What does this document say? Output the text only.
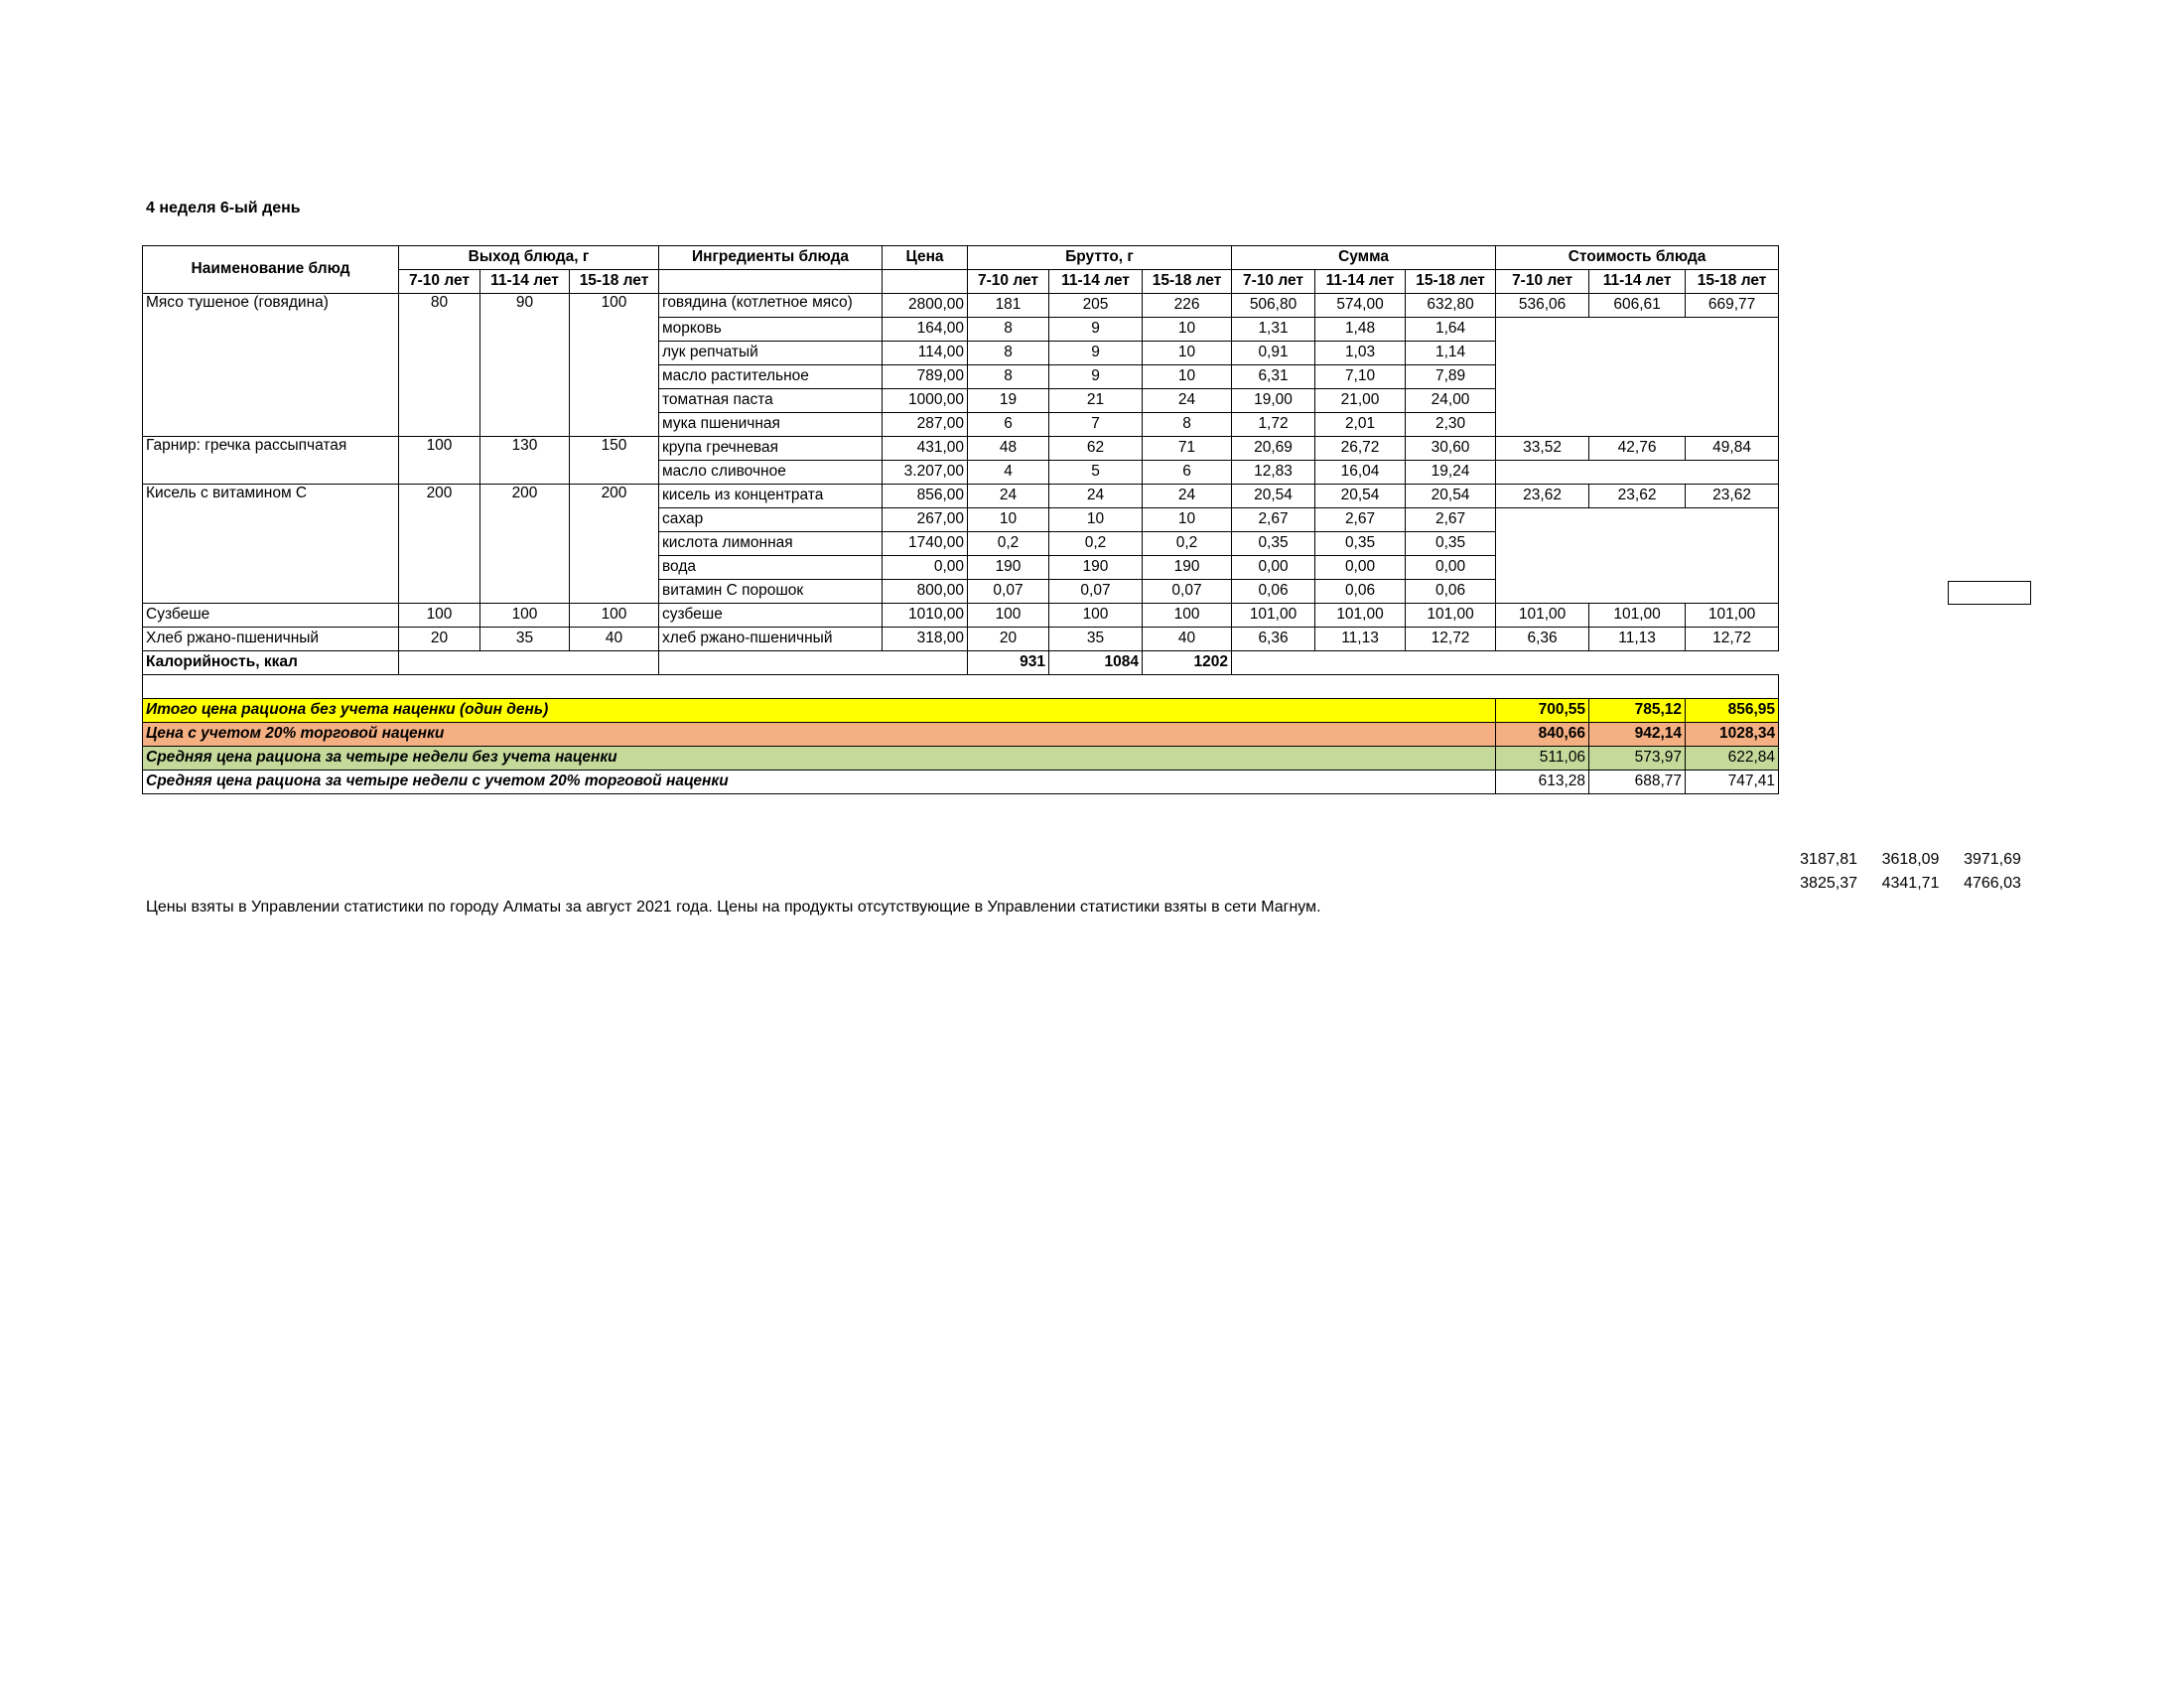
4 неделя 6-ый день
Наименование блюд	Выход блюда, г			Ингредиенты блюда	Цена	Брутто, г			Сумма			Стоимость блюда		
	7-10 лет	11-14 лет	15-18 лет			7-10 лет	11-14 лет	15-18 лет	7-10 лет	11-14 лет	15-18 лет	7-10 лет	11-14 лет	15-18 лет
Мясо тушеное (говядина)	80	90	100	говядина (котлетное мясо)	2800,00	181	205	226	506,80	574,00	632,80	536,06	606,61	669,77
				морковь	164,00	8	9	10	1,31	1,48	1,64			
				лук репчатый	114,00	8	9	10	0,91	1,03	1,14			
				масло растительное	789,00	8	9	10	6,31	7,10	7,89			
				томатная паста	1000,00	19	21	24	19,00	21,00	24,00			
				мука пшеничная	287,00	6	7	8	1,72	2,01	2,30			
Гарнир: гречка рассыпчатая	100	130	150	крупа гречневая	431,00	48	62	71	20,69	26,72	30,60	33,52	42,76	49,84
				масло сливочное	3.207,00	4	5	6	12,83	16,04	19,24			
Кисель с витамином С	200	200	200	кисель из концентрата	856,00	24	24	24	20,54	20,54	20,54	23,62	23,62	23,62
				сахар	267,00	10	10	10	2,67	2,67	2,67			
				кислота лимонная	1740,00	0,2	0,2	0,2	0,35	0,35	0,35			
				вода	0,00	190	190	190	0,00	0,00	0,00			
				витамин С порошок	800,00	0,07	0,07	0,07	0,06	0,06	0,06			
Сузбеше	100	100	100	сузбеше	1010,00	100	100	100	101,00	101,00	101,00	101,00	101,00	101,00
Хлеб ржано-пшеничный	20	35	40	хлеб ржано-пшеничный	318,00	20	35	40	6,36	11,13	12,72	6,36	11,13	12,72
Калорийность, ккал						931	1084	1202						

Итого цена рациона без учета наценки (один день)												700,55	785,12	856,95
Цена с учетом 20% торговой наценки												840,66	942,14	1028,34
Средняя цена рациона за четыре недели без учета наценки												511,06	573,97	622,84
Средняя цена рациона за четыре недели с учетом 20% торговой наценки												613,28	688,77	747,41
3187,81 3618,09 3971,69
3825,37 4341,71 4766,03
Цены взяты в Управлении статистики по городу Алматы за август 2021 года. Цены на продукты отсутствующие в Управлении статистики взяты в сети Магнум.
